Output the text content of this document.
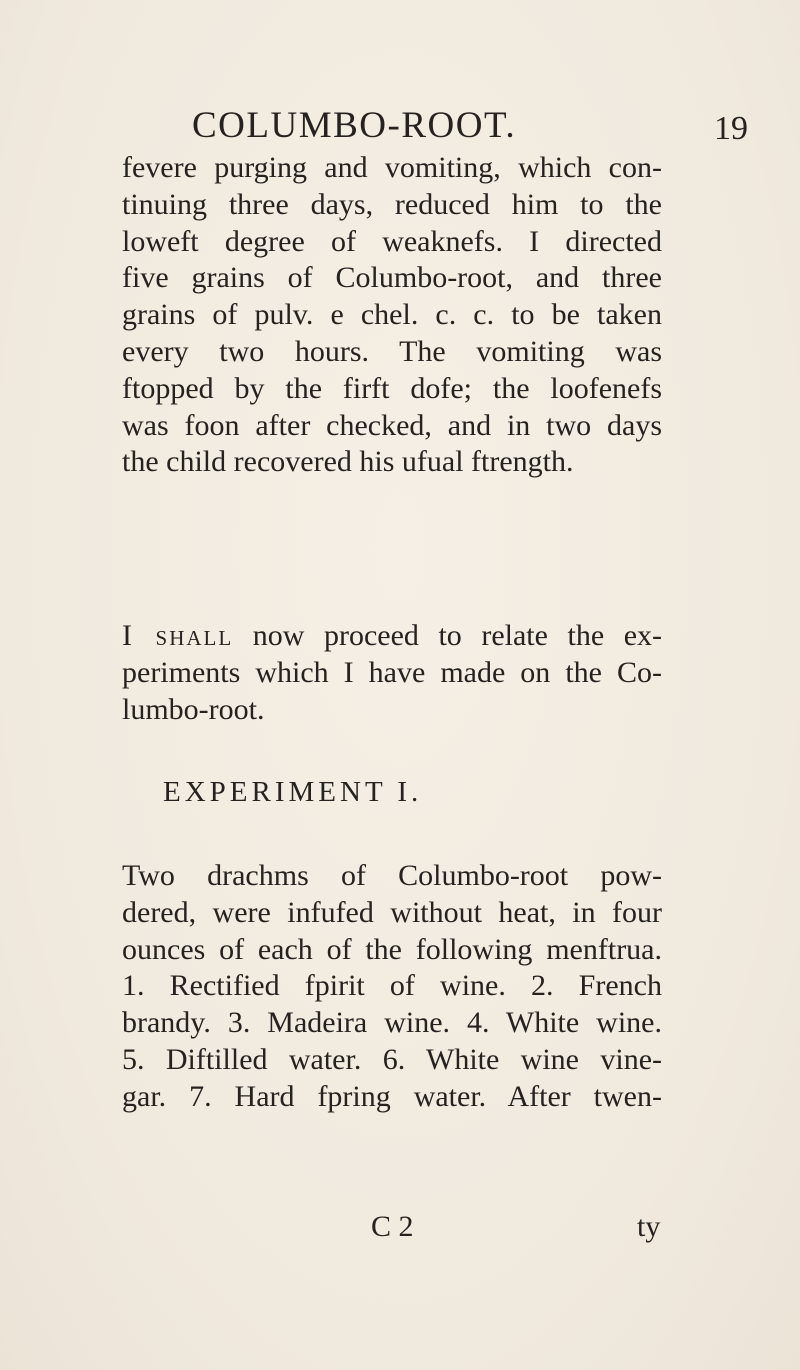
COLUMBO-ROOT.	19
fevere purging and vomiting, which con-
tinuing three days, reduced him to the
loweft degree of weaknefs. I directed
five grains of Columbo-root, and three
grains of pulv. e chel. c. c. to be taken
every two hours. The vomiting was
ftopped by the firft dofe; the loofenefs
was foon after checked, and in two days
the child recovered his ufual ftrength.
I shall now proceed to relate the ex-
periments which I have made on the Co-
lumbo-root.
EXPERIMENT I.
Two drachms of Columbo-root pow-
dered, were infufed without heat, in four
ounces of each of the following menftrua.
1. Rectified fpirit of wine. 2. French
brandy. 3. Madeira wine. 4. White wine.
5. Diftilled water. 6. White wine vine-
gar. 7. Hard fpring water. After twen-
C 2	ty
